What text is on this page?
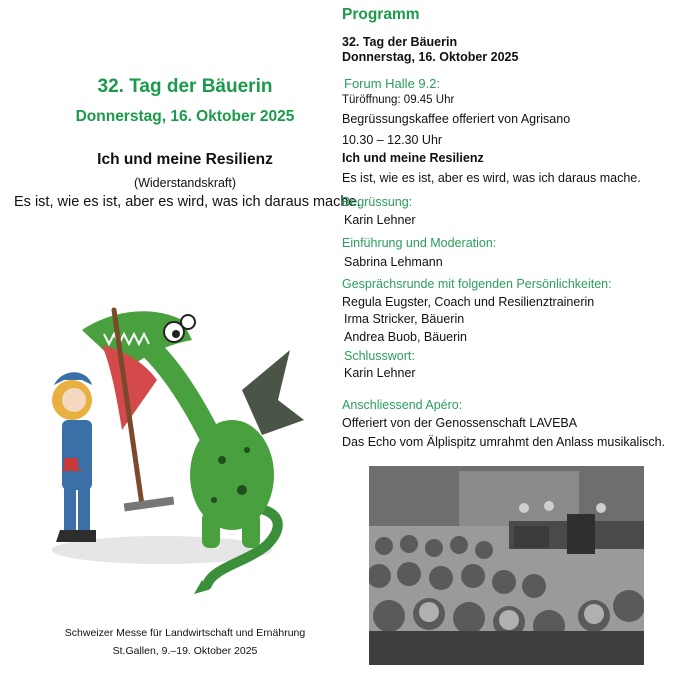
32. Tag der Bäuerin
Donnerstag, 16. Oktober 2025
Ich und meine Resilienz
(Widerstandskraft)
Es ist, wie es ist, aber es wird, was ich daraus mache.
Schweizer Messe für Landwirtschaft und Ernährung
St.Gallen, 9.–19. Oktober 2025
Programm
32. Tag der Bäuerin
Donnerstag, 16. Oktober 2025
Forum Halle 9.2:
Türöffnung: 09.45 Uhr
Begrüssungskaffee offeriert von Agrisano
10.30 – 12.30 Uhr
Ich und meine Resilienz
Es ist, wie es ist, aber es wird, was ich daraus mache.
Begrüssung:
Karin Lehner
Einführung und Moderation:
Sabrina Lehmann
Gesprächsrunde mit folgenden Persönlichkeiten:
Regula Eugster, Coach und Resilienztrainerin
Irma Stricker, Bäuerin
Andrea Buob, Bäuerin
Schlusswort:
Karin Lehner
Anschliessend Apéro:
Offeriert von der Genossenschaft LAVEBA
Das Echo vom Älplispitz umrahmt den Anlass musikalisch.
